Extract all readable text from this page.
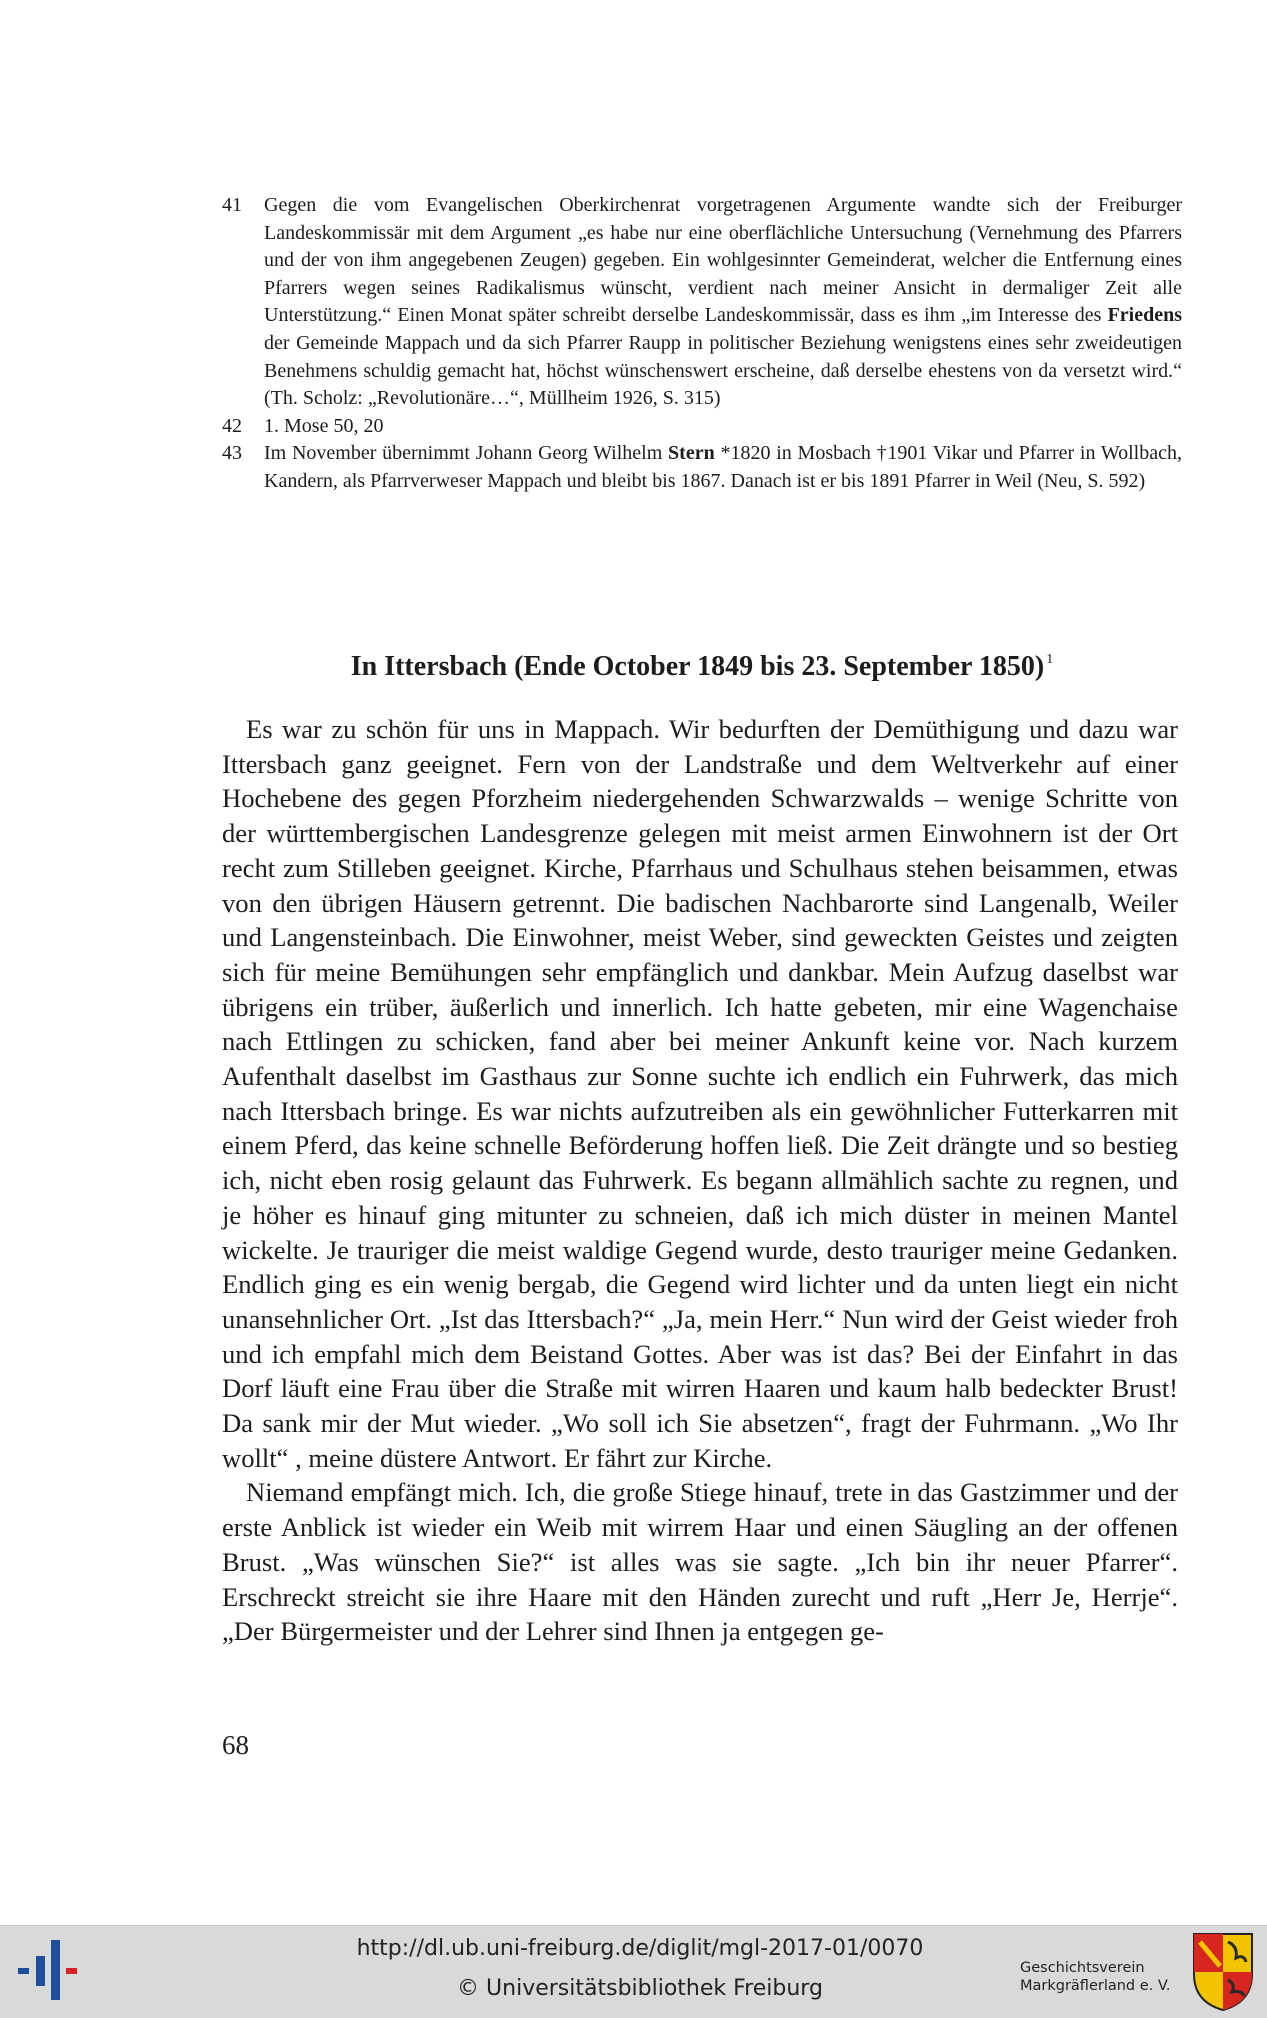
41 Gegen die vom Evangelischen Oberkirchenrat vorgetragenen Argumente wandte sich der Freiburger Landeskommissär mit dem Argument „es habe nur eine oberflächliche Untersuchung (Vernehmung des Pfarrers und der von ihm angegebenen Zeugen) gegeben. Ein wohlgesinnter Gemeinderat, welcher die Entfernung eines Pfarrers wegen seines Radikalismus wünscht, verdient nach meiner Ansicht in dermaliger Zeit alle Unterstützung.“ Einen Monat später schreibt derselbe Landeskommissär, dass es ihm „im Interesse des Friedens der Gemeinde Mappach und da sich Pfarrer Raupp in politischer Beziehung wenigstens eines sehr zweideutigen Benehmens schuldig gemacht hat, höchst wünschenswert erscheine, daß derselbe ehestens von da versetzt wird.“ (Th. Scholz: „Revolutionäre…“, Müllheim 1926, S. 315)

42 1. Mose 50, 20

43 Im November übernimmt Johann Georg Wilhelm Stern *1820 in Mosbach †1901 Vikar und Pfarrer in Wollbach, Kandern, als Pfarrverweser Mappach und bleibt bis 1867. Danach ist er bis 1891 Pfarrer in Weil (Neu, S. 592)

In Ittersbach (Ende October 1849 bis 23. September 1850) $^1$

Es war zu schön für uns in Mappach. Wir bedurften der Demüthigung und dazu war Ittersbach ganz geeignet. Fern von der Landstraße und dem Weltverkehr auf einer Hochebene des gegen Pforzheim niedergehenden Schwarzwalds – wenige Schritte von der württembergischen Landesgrenze gelegen mit meist armen Einwohnern ist der Ort recht zum Stilleben geeignet. Kirche, Pfarrhaus und Schulhaus stehen beisammen, etwas von den übrigen Häusern getrennt. Die badischen Nachbarorte sind Langenalb, Weiler und Langensteinbach. Die Einwohner, meist Weber, sind geweckten Geistes und zeigten sich für meine Bemühungen sehr empfänglich und dankbar. Mein Aufzug daselbst war übrigens ein trüber, äußerlich und innerlich. Ich hatte gebeten, mir eine Wagenchaise nach Ettlingen zu schicken, fand aber bei meiner Ankunft keine vor. Nach kurzem Aufenthalt daselbst im Gasthaus zur Sonne suchte ich endlich ein Fuhrwerk, das mich nach Ittersbach bringe. Es war nichts aufzutreiben als ein gewöhnlicher Futterkarren mit einem Pferd, das keine schnelle Beförderung hoffen ließ. Die Zeit drängte und so bestieg ich, nicht eben rosig gelaunt das Fuhrwerk. Es begann allmählich sachte zu regnen, und je höher es hinauf ging mitunter zu schneien, daß ich mich düster in meinen Mantel wickelte. Je trauriger die meist waldige Gegend wurde, desto trauriger meine Gedanken. Endlich ging es ein wenig bergab, die Gegend wird lichter und da unten liegt ein nicht unansehnlicher Ort. „Ist das Ittersbach?“ „Ja, mein Herr.“ Nun wird der Geist wieder froh und ich empfahl mich dem Beistand Gottes. Aber was ist das? Bei der Einfahrt in das Dorf läuft eine Frau über die Straße mit wirren Haaren und kaum halb bedeckter Brust! Da sank mir der Mut wieder. „Wo soll ich Sie absetzen“, fragt der Fuhrmann. „Wo Ihr wollt“ , meine düstere Antwort. Er fährt zur Kirche.

Niemand empfängt mich. Ich, die große Stiege hinauf, trete in das Gastzimmer und der erste Anblick ist wieder ein Weib mit wirrem Haar und einen Säugling an der offenen Brust. „Was wünschen Sie?“ ist alles was sie sagte. „Ich bin ihr neuer Pfarrer“. Erschreckt streicht sie ihre Haare mit den Händen zurecht und ruft „Herr Je, Herrje“. „Der Bürgermeister und der Lehrer sind Ihnen ja entgegen ge-

68

http://dl.ub.uni-freiburg.de/diglit/mgl-2017-01/0070
© Universitätsbibliothek Freiburg
Geschichtsverein
Markgräflerland e. V.
